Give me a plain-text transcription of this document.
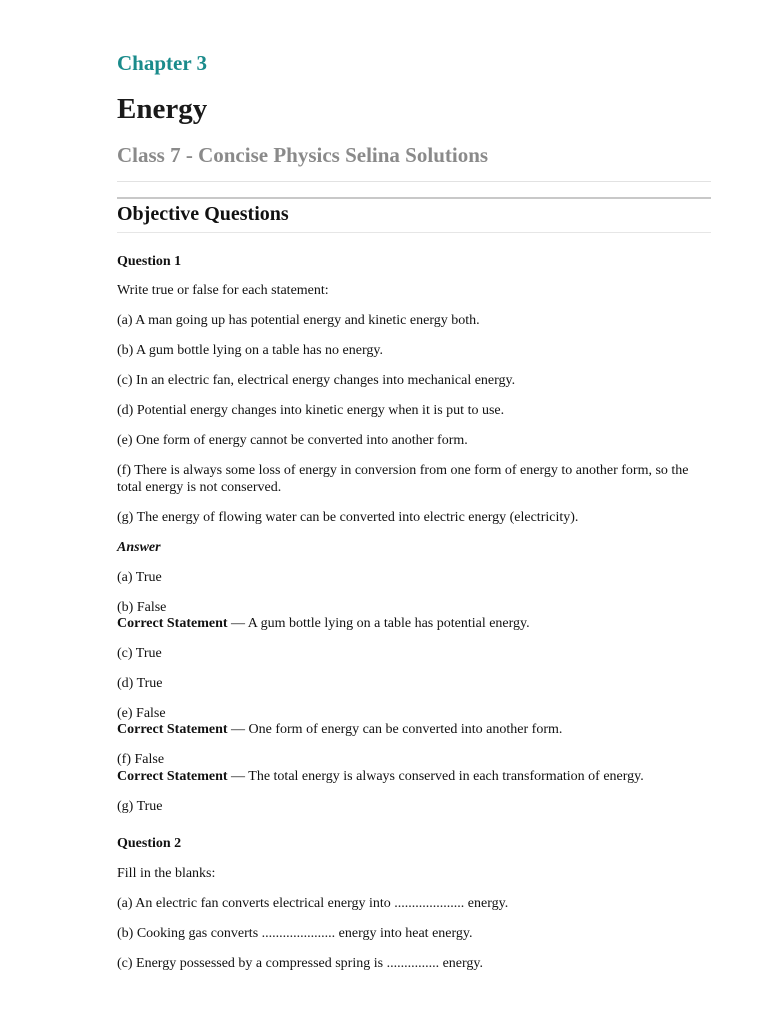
Chapter 3
Energy
Class 7 - Concise Physics Selina Solutions
Objective Questions
Question 1
Write true or false for each statement:
(a) A man going up has potential energy and kinetic energy both.
(b) A gum bottle lying on a table has no energy.
(c) In an electric fan, electrical energy changes into mechanical energy.
(d) Potential energy changes into kinetic energy when it is put to use.
(e) One form of energy cannot be converted into another form.
(f) There is always some loss of energy in conversion from one form of energy to another form, so the total energy is not conserved.
(g) The energy of flowing water can be converted into electric energy (electricity).
Answer
(a) True
(b) False
Correct Statement — A gum bottle lying on a table has potential energy.
(c) True
(d) True
(e) False
Correct Statement — One form of energy can be converted into another form.
(f) False
Correct Statement — The total energy is always conserved in each transformation of energy.
(g) True
Question 2
Fill in the blanks:
(a) An electric fan converts electrical energy into .................... energy.
(b) Cooking gas converts ..................... energy into heat energy.
(c) Energy possessed by a compressed spring is ............... energy.
